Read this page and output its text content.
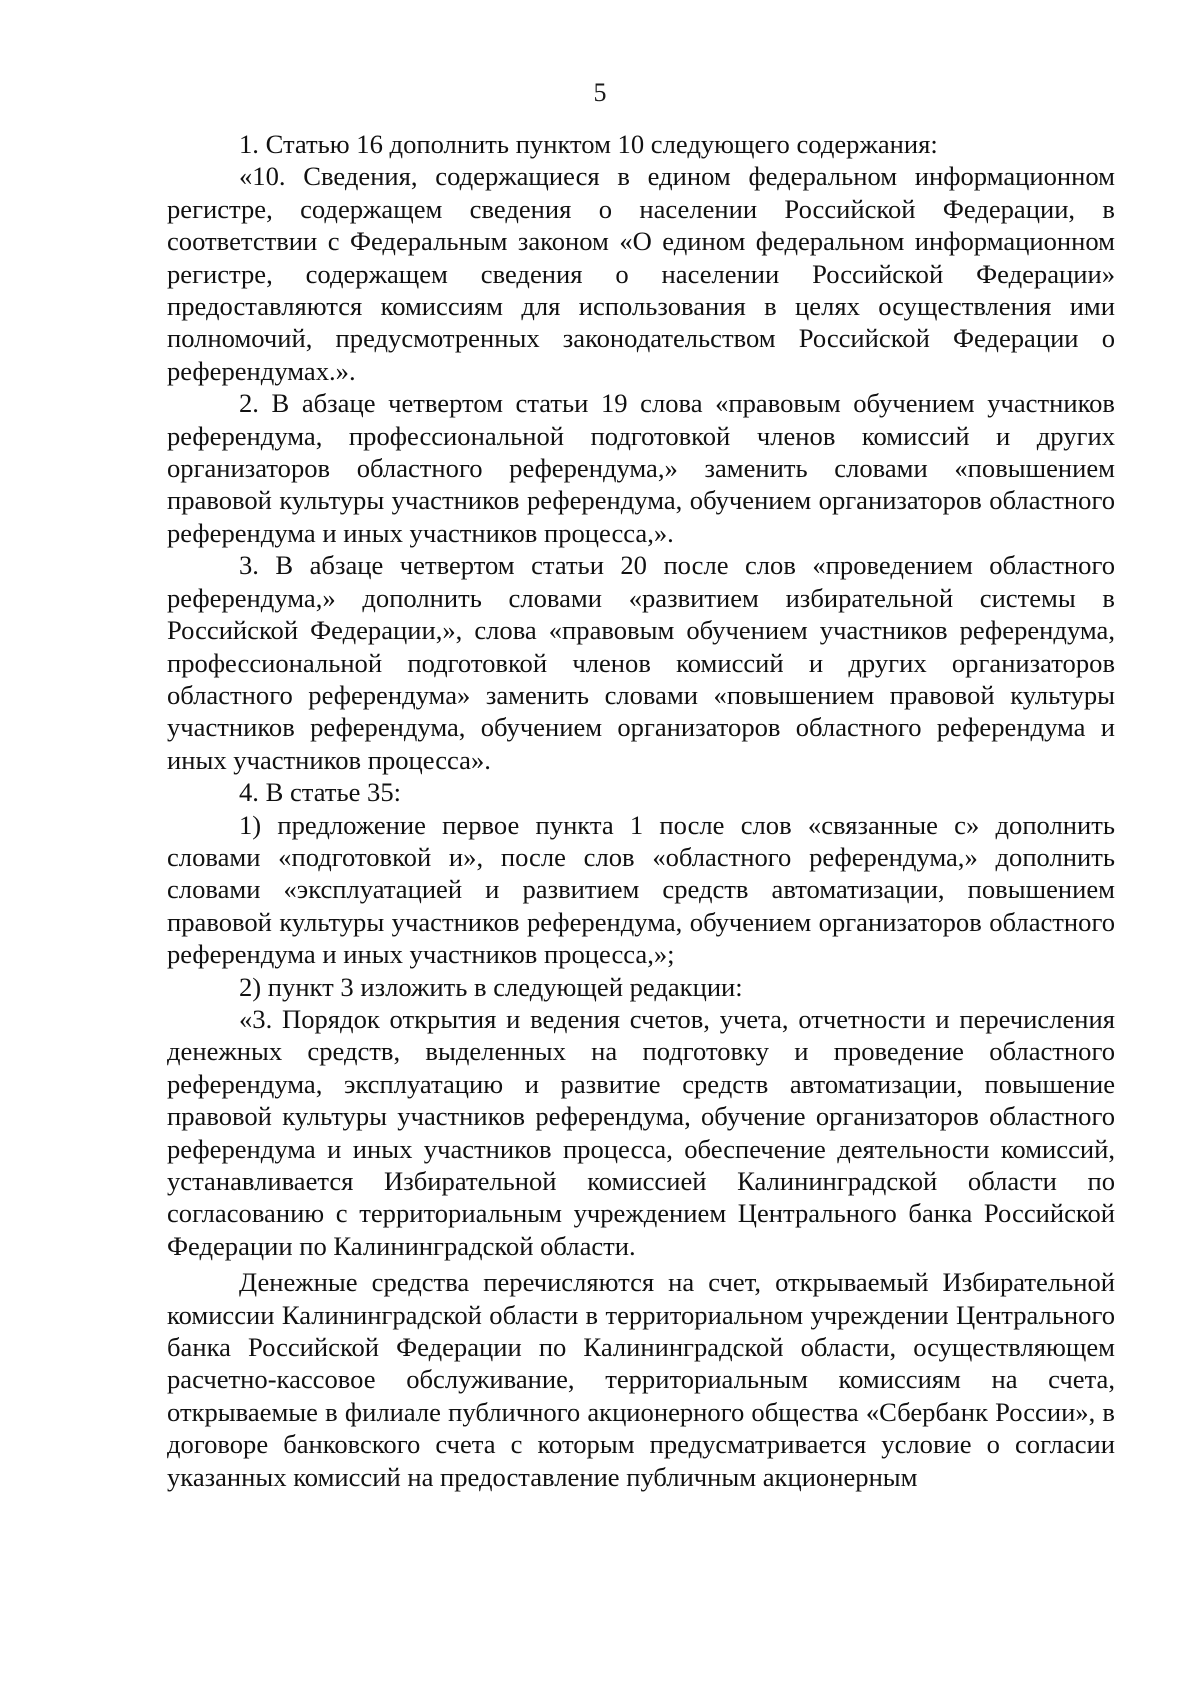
5

1. Статью 16 дополнить пунктом 10 следующего содержания:

«10. Сведения, содержащиеся в едином федеральном информационном регистре, содержащем сведения о населении Российской Федерации, в соответствии с Федеральным законом «О едином федеральном информационном регистре, содержащем сведения о населении Российской Федерации» предоставляются комиссиям для использования в целях осуществления ими полномочий, предусмотренных законодательством Российской Федерации о референдумах.».

2. В абзаце четвертом статьи 19 слова «правовым обучением участников референдума, профессиональной подготовкой членов комиссий и других организаторов областного референдума,» заменить словами «повышением правовой культуры участников референдума, обучением организаторов областного референдума и иных участников процесса,».

3. В абзаце четвертом статьи 20 после слов «проведением областного референдума,» дополнить словами «развитием избирательной системы в Российской Федерации,», слова «правовым обучением участников референдума, профессиональной подготовкой членов комиссий и других организаторов областного референдума» заменить словами «повышением правовой культуры участников референдума, обучением организаторов областного референдума и иных участников процесса».

4. В статье 35:

1) предложение первое пункта 1 после слов «связанные с» дополнить словами «подготовкой и», после слов «областного референдума,» дополнить словами «эксплуатацией и развитием средств автоматизации, повышением правовой культуры участников референдума, обучением организаторов областного референдума и иных участников процесса,»;

2) пункт 3 изложить в следующей редакции:

«3. Порядок открытия и ведения счетов, учета, отчетности и перечисления денежных средств, выделенных на подготовку и проведение областного референдума, эксплуатацию и развитие средств автоматизации, повышение правовой культуры участников референдума, обучение организаторов областного референдума и иных участников процесса, обеспечение деятельности комиссий, устанавливается Избирательной комиссией Калининградской области по согласованию с территориальным учреждением Центрального банка Российской Федерации по Калининградской области.

Денежные средства перечисляются на счет, открываемый Избирательной комиссии Калининградской области в территориальном учреждении Центрального банка Российской Федерации по Калининградской области, осуществляющем расчетно-кассовое обслуживание, территориальным комиссиям на счета, открываемые в филиале публичного акционерного общества «Сбербанк России», в договоре банковского счета с которым предусматривается условие о согласии указанных комиссий на предоставление публичным акционерным
